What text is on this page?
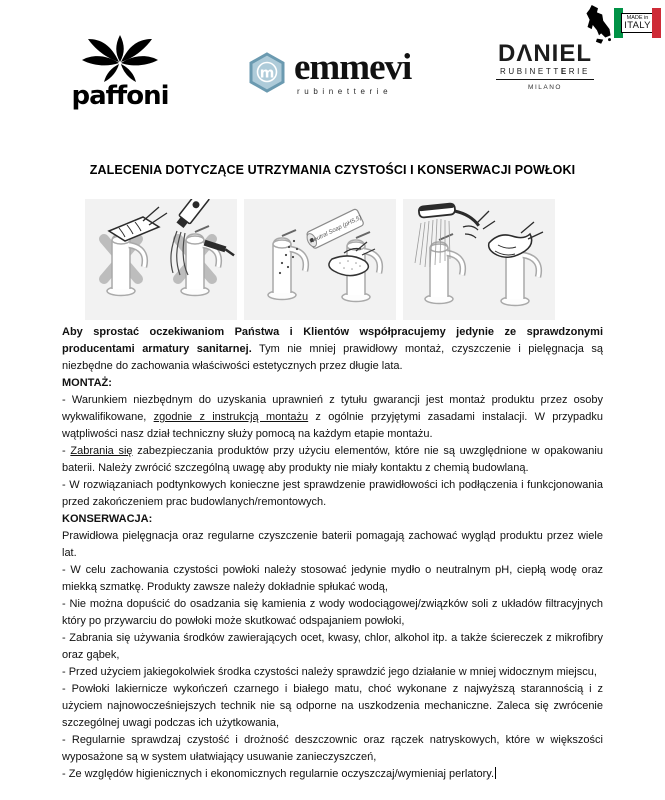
paffoni
m emmevi
rubinetterie
DΛNIEL
RUBINETTERIE
MILANO
MADE in
ITALY
ZALECENIA DOTYCZĄCE UTRZYMANIA CZYSTOŚCI I KONSERWACJI POWŁOKI
Neutral Soap (pH5,5)

Aby sprostać oczekiwaniom Państwa i Klientów współpracujemy jedynie ze sprawdzonymi producentami armatury sanitarnej. Tym nie mniej prawidłowy montaż, czyszczenie i pielęgnacja są niezbędne do zachowania właściwości estetycznych przez długie lata.

MONTAŻ:

- Warunkiem niezbędnym do uzyskania uprawnień z tytułu gwarancji jest montaż produktu przez osoby wykwalifikowane, zgodnie z instrukcją montażu z ogólnie przyjętymi zasadami instalacji. W przypadku wątpliwości nasz dział techniczny służy pomocą na każdym etapie montażu.

- Zabrania się zabezpieczania produktów przy użyciu elementów, które nie są uwzględnione w opakowaniu baterii. Należy zwrócić szczególną uwagę aby produkty nie miały kontaktu z chemią budowlaną.

- W rozwiązaniach podtynkowych konieczne jest sprawdzenie prawidłowości ich podłączenia i funkcjonowania przed zakończeniem prac budowlanych/remontowych.

KONSERWACJA:

Prawidłowa pielęgnacja oraz regularne czyszczenie baterii pomagają zachować wygląd produktu przez wiele lat.

- W celu zachowania czystości powłoki należy stosować jedynie mydło o neutralnym pH, ciepłą wodę oraz miekką szmatkę. Produkty zawsze należy dokładnie spłukać wodą,

- Nie można dopuścić do osadzania się kamienia z wody wodociągowej/związków soli z układów filtracyjnych który po przywarciu do powłoki może skutkować odspajaniem powłoki,

- Zabrania się używania środków zawierających ocet, kwasy, chlor, alkohol itp. a także ściereczek z mikrofibry oraz gąbek,

- Przed użyciem jakiegokolwiek środka czystości należy sprawdzić jego działanie w mniej widocznym miejscu,

- Powłoki lakiernicze wykończeń czarnego i białego matu, choć wykonane z najwyższą starannością i z użyciem najnowocześniejszych technik nie są odporne na uszkodzenia mechaniczne. Zaleca się zwrócenie szczególnej uwagi podczas ich użytkowania,

- Regularnie sprawdzaj czystość i drożność deszczownic oraz rączek natryskowych, które w większości wyposażone są w system ułatwiający usuwanie zanieczyszczeń,

- Ze względów higienicznych i ekonomicznych regularnie oczyszczaj/wymieniaj perlatory.
